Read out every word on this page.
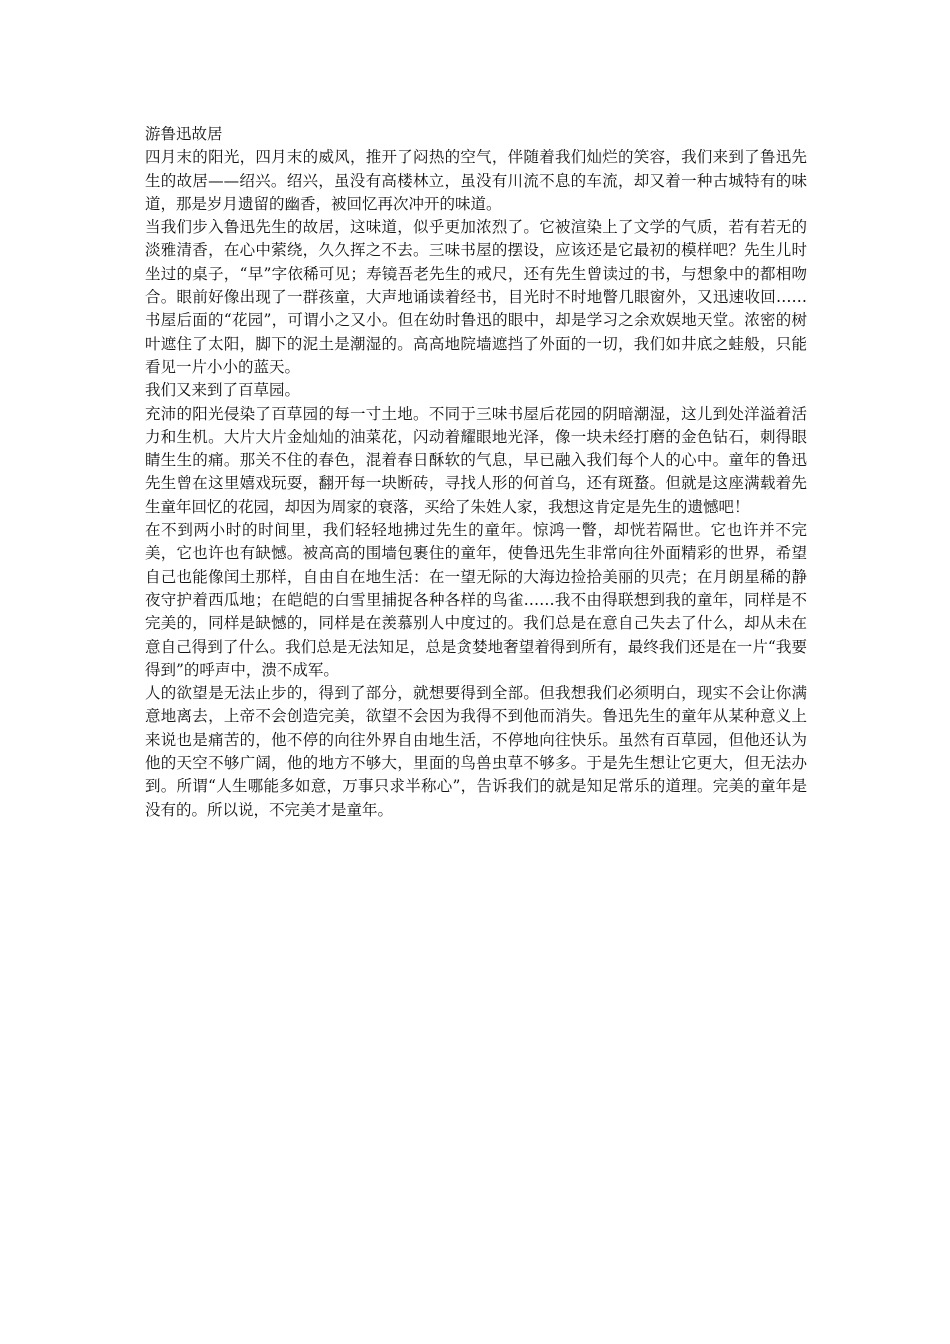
游鲁迅故居

四月末的阳光，四月末的威风，推开了闷热的空气，伴随着我们灿烂的笑容，我们来到了鲁迅先生的故居——绍兴。绍兴，虽没有高楼林立，虽没有川流不息的车流，却又着一种古城特有的味道，那是岁月遗留的幽香，被回忆再次冲开的味道。

当我们步入鲁迅先生的故居，这味道，似乎更加浓烈了。它被渲染上了文学的气质，若有若无的淡雅清香，在心中萦绕，久久挥之不去。三味书屋的摆设，应该还是它最初的模样吧？先生儿时坐过的桌子，“早”字依稀可见；寿镜吾老先生的戒尺，还有先生曾读过的书，与想象中的都相吻合。眼前好像出现了一群孩童，大声地诵读着经书，目光时不时地瞥几眼窗外，又迅速收回……书屋后面的“花园”，可谓小之又小。但在幼时鲁迅的眼中，却是学习之余欢娱地天堂。浓密的树叶遮住了太阳，脚下的泥土是潮湿的。高高地院墙遮挡了外面的一切，我们如井底之蛙般，只能看见一片小小的蓝天。

我们又来到了百草园。

充沛的阳光侵染了百草园的每一寸土地。不同于三味书屋后花园的阴暗潮湿，这儿到处洋溢着活力和生机。大片大片金灿灿的油菜花，闪动着耀眼地光泽，像一块未经打磨的金色钻石，刺得眼睛生生的痛。那关不住的春色，混着春日酥软的气息，早已融入我们每个人的心中。童年的鲁迅先生曾在这里嬉戏玩耍，翻开每一块断砖，寻找人形的何首乌，还有斑蝥。但就是这座满载着先生童年回忆的花园，却因为周家的衰落，买给了朱姓人家，我想这肯定是先生的遗憾吧！

在不到两小时的时间里，我们轻轻地拂过先生的童年。惊鸿一瞥，却恍若隔世。它也许并不完美，它也许也有缺憾。被高高的围墙包裹住的童年，使鲁迅先生非常向往外面精彩的世界，希望自己也能像闰土那样，自由自在地生活：在一望无际的大海边捡拾美丽的贝壳；在月朗星稀的静夜守护着西瓜地；在皑皑的白雪里捕捉各种各样的鸟雀……我不由得联想到我的童年，同样是不完美的，同样是缺憾的，同样是在羡慕别人中度过的。我们总是在意自己失去了什么，却从未在意自己得到了什么。我们总是无法知足，总是贪婪地奢望着得到所有，最终我们还是在一片“我要得到”的呼声中，溃不成军。

人的欲望是无法止步的，得到了部分，就想要得到全部。但我想我们必须明白，现实不会让你满意地离去，上帝不会创造完美，欲望不会因为我得不到他而消失。鲁迅先生的童年从某种意义上来说也是痛苦的，他不停的向往外界自由地生活，不停地向往快乐。虽然有百草园，但他还认为他的天空不够广阔，他的地方不够大，里面的鸟兽虫草不够多。于是先生想让它更大，但无法办到。所谓“人生哪能多如意，万事只求半称心”，告诉我们的就是知足常乐的道理。完美的童年是没有的。所以说，不完美才是童年。
